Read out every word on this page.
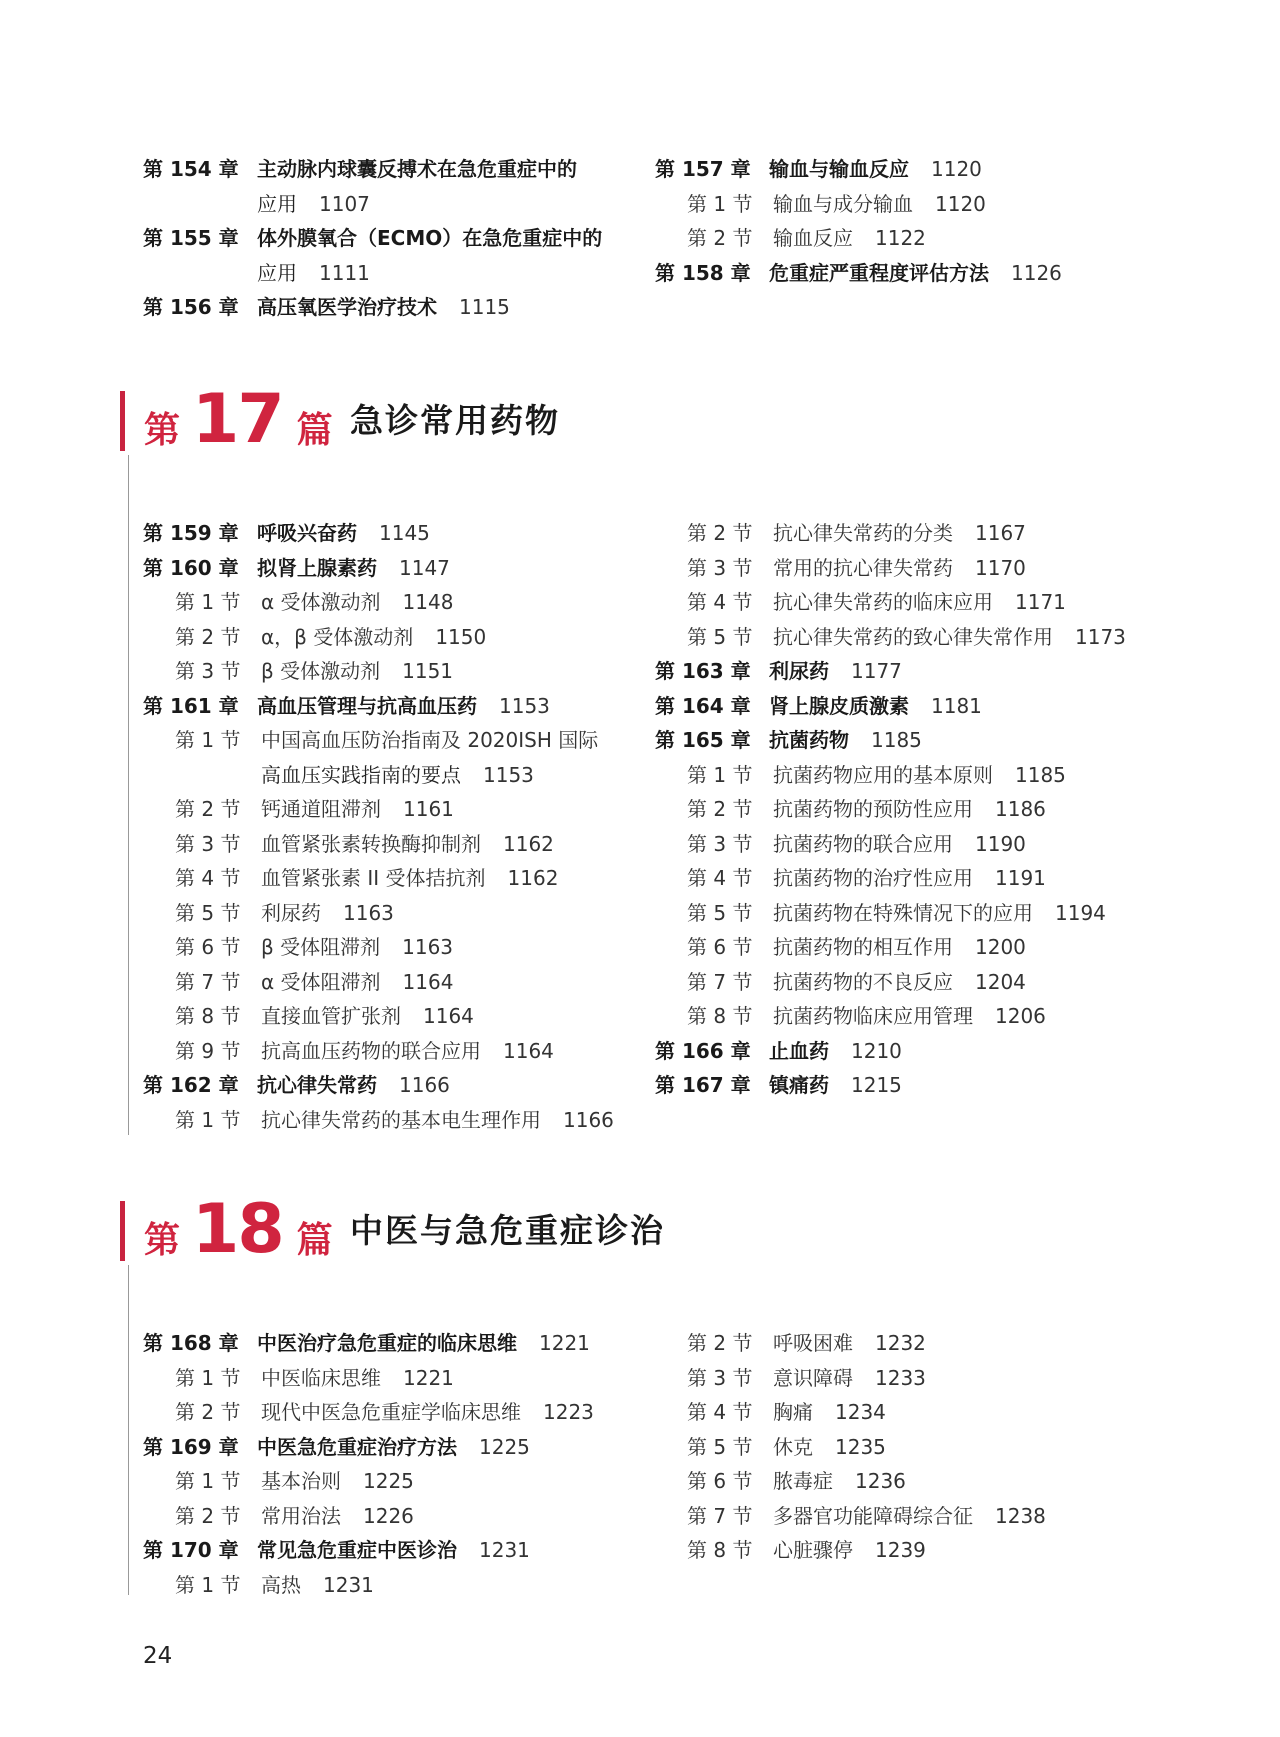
第 154 章 主动脉内球囊反搏术在急危重症中的
应用 1107
第 155 章 体外膜氧合（ECMO）在急危重症中的
应用 1111
第 156 章 高压氧医学治疗技术 1115
第 157 章 输血与输血反应 1120
第 1 节 输血与成分输血 1120
第 2 节 输血反应 1122
第 158 章 危重症严重程度评估方法 1126
第 17 篇 急诊常用药物
第 159 章 呼吸兴奋药 1145
第 160 章 拟肾上腺素药 1147
第 1 节 α 受体激动剂 1148
第 2 节 α，β 受体激动剂 1150
第 3 节 β 受体激动剂 1151
第 161 章 高血压管理与抗高血压药 1153
第 1 节 中国高血压防治指南及 2020ISH 国际
高血压实践指南的要点 1153
第 2 节 钙通道阻滞剂 1161
第 3 节 血管紧张素转换酶抑制剂 1162
第 4 节 血管紧张素 II 受体拮抗剂 1162
第 5 节 利尿药 1163
第 6 节 β 受体阻滞剂 1163
第 7 节 α 受体阻滞剂 1164
第 8 节 直接血管扩张剂 1164
第 9 节 抗高血压药物的联合应用 1164
第 162 章 抗心律失常药 1166
第 1 节 抗心律失常药的基本电生理作用 1166
第 2 节 抗心律失常药的分类 1167
第 3 节 常用的抗心律失常药 1170
第 4 节 抗心律失常药的临床应用 1171
第 5 节 抗心律失常药的致心律失常作用 1173
第 163 章 利尿药 1177
第 164 章 肾上腺皮质激素 1181
第 165 章 抗菌药物 1185
第 1 节 抗菌药物应用的基本原则 1185
第 2 节 抗菌药物的预防性应用 1186
第 3 节 抗菌药物的联合应用 1190
第 4 节 抗菌药物的治疗性应用 1191
第 5 节 抗菌药物在特殊情况下的应用 1194
第 6 节 抗菌药物的相互作用 1200
第 7 节 抗菌药物的不良反应 1204
第 8 节 抗菌药物临床应用管理 1206
第 166 章 止血药 1210
第 167 章 镇痛药 1215
第 18 篇 中医与急危重症诊治
第 168 章 中医治疗急危重症的临床思维 1221
第 1 节 中医临床思维 1221
第 2 节 现代中医急危重症学临床思维 1223
第 169 章 中医急危重症治疗方法 1225
第 1 节 基本治则 1225
第 2 节 常用治法 1226
第 170 章 常见急危重症中医诊治 1231
第 1 节 高热 1231
第 2 节 呼吸困难 1232
第 3 节 意识障碍 1233
第 4 节 胸痛 1234
第 5 节 休克 1235
第 6 节 脓毒症 1236
第 7 节 多器官功能障碍综合征 1238
第 8 节 心脏骤停 1239
24
